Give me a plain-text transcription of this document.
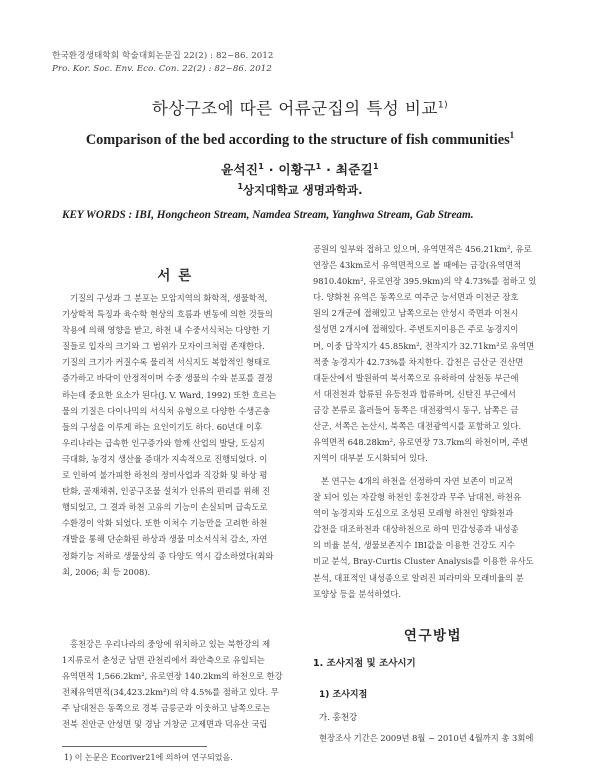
한국환경생태학회 학술대회논문집 22(2) : 82~86. 2012
Pro. Kor. Soc. Env. Eco. Con. 22(2) : 82~86. 2012
하상구조에 따른 어류군집의 특성 비교$^{1)}$
Comparison of the bed according to the structure of fish communities$^1$
윤석진$^1$ · 이황구$^1$ · 최준길$^1$
$^1$상지대학교 생명과학과.
KEY WORDS : IBI, Hongcheon Stream, Namdea Stream, Yanghwa Stream, Gab Stream.
서 론
기질의 구성과 그 분포는 모암지역의 화학적, 생물학적,
기상학적 특징과 육수학 현상의 흐름과 변동에 의한 것들의
작용에 의해 영향을 받고, 하천 내 수중서식처는 다양한 기
질들로 입자의 크기와 그 범위가 모자이크처럼 존재한다.
기질의 크기가 커질수록 물리적 서식지도 복합적인 형태로
증가하고 바닥이 안정적이며 수중 생물의 수와 분포를 결정
하는데 중요한 요소가 된다(J. V. Ward, 1992) 또한 흐르는
물의 기질은 다이나믹의 서식처 유형으로 다양한 수생곤충
들의 구성을 이루게 하는 요인이기도 하다. 60년대 이후
우리나라는 급속한 인구증가와 함께 산업의 발달, 도심지
극대화, 농경지 생산율 증대가 지속적으로 진행되었다. 이
로 인하여 불가피한 하천의 정비사업과 직강화 및 하상 평
탄화, 골재채취, 인공구조물 설치가 인류의 편리를 위해 진
행되었고, 그 결과 하천 고유의 기능이 손실되며 급속도로
수환경이 악화 되었다. 또한 이처수 기능만을 고려한 하천
개발을 통해 단순화된 하상과 생물 미소서식처 감소, 자연
정화기능 저하로 생물상의 종 다양도 역시 감소하였다(최와
최, 2006; 최 등 2008).
홍천강은 우리나라의 중앙에 위치하고 있는 북한강의 제
1지류로서 춘성군 남면 관천리에서 좌안측으로 유입되는
유역면적 1,566.2km², 유로연장 140.2km의 하천으로 한강
전체유역면적(34,423.2km²)의 약 4.5%를 점하고 있다. 무
주 남대천은 동쪽으로 경북 금릉군과 이웃하고 남쪽으로는
전북 진안군 안성면 및 경남 거창군 고제면과 덕유산 국립
1) 이 논문은 Ecoriver21에 의하여 연구되었음.
공원의 일부와 접하고 있으며, 유역면적은 456.21km², 유로
연장은 43km로서 유역면적으로 볼 때에는 금강(유역면적
9810.40km², 유로연장 395.9km)의 약 4.73%를 점하고 있
다. 양화천 유역은 동쪽으로 여주군 능서면과 이천군 장호
원의 2개군에 접해있고 남쪽으로는 안성시 죽면과 이천시
설성면 2개시에 접해있다. 주변토지이용은 주로 농경지이
며, 이중 답작지가 45.85km², 전작지가 32.71km²로 유역면
적중 농경지가 42.73%를 차지한다. 갑천은 금산군 진산면
대둔산에서 발원하여 북서쪽으로 유하하여 삼천동 부근에
서 대전천과 합류된 유등천과 합류하며, 신탄진 부근에서
금강 본류로 흘러들어 동쪽은 대전광역시 동구, 남쪽은 금
산군, 서쪽은 논산시, 북쪽은 대전광역시를 포함하고 있다.
유역면적 648.28km², 유로연장 73.7km의 하천이며, 주변
지역이 대부분 도시화되어 있다.
본 연구는 4개의 하천을 선정하여 자연 보존이 비교적
잘 되어 있는 자갈형 하천인 홍천강과 무주 남대천, 하천유
역이 농경지와 도심으로 조성된 모래형 하천인 양화천과
갑천을 대조하천과 대상하천으로 하여 민감성종과 내성종
의 비율 분석, 생물보존지수 IBI값을 이용한 건강도 지수
비교 분석, Bray-Curtis Cluster Analysis를 이용한 유사도
분석, 대표적인 내성종으로 알려진 피라미와 모래비율의 분
포양상 등을 분석하였다.
연구방법
1. 조사지점 및 조사시기
1) 조사지점
가. 홍천강
현장조사 기간은 2009년 8월 ~ 2010년 4월까지 총 3회에
